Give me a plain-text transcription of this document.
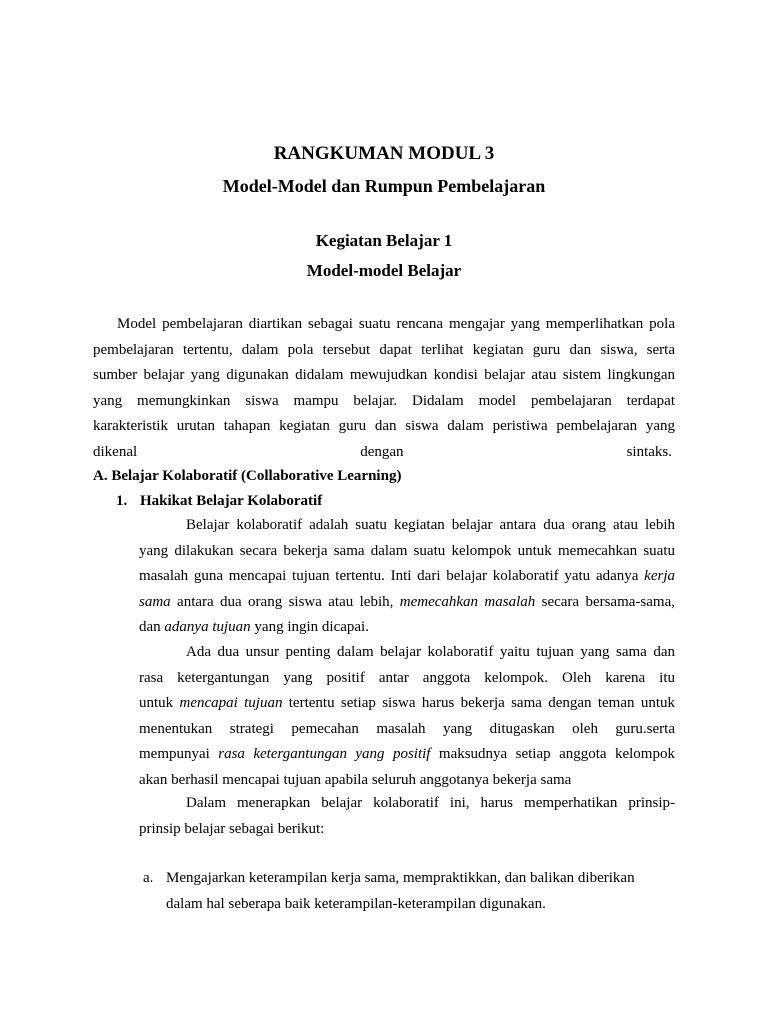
RANGKUMAN MODUL 3
Model-Model dan Rumpun Pembelajaran
Kegiatan Belajar 1
Model-model Belajar
Model pembelajaran diartikan sebagai suatu rencana mengajar yang memperlihatkan pola
pembelajaran tertentu, dalam pola tersebut dapat terlihat kegiatan guru dan siswa, serta
sumber belajar yang digunakan didalam mewujudkan kondisi belajar atau sistem lingkungan
yang memungkinkan siswa mampu belajar. Didalam model pembelajaran terdapat
karakteristik urutan tahapan kegiatan guru dan siswa dalam peristiwa pembelajaran yang
dikenal	dengan	sintaks.
A. Belajar Kolaboratif (Collaborative Learning)
1. Hakikat Belajar Kolaboratif
Belajar kolaboratif adalah suatu kegiatan belajar antara dua orang atau lebih
yang dilakukan secara bekerja sama dalam suatu kelompok untuk memecahkan suatu
masalah guna mencapai tujuan tertentu. Inti dari belajar kolaboratif yatu adanya kerja
sama antara dua orang siswa atau lebih, memecahkan masalah secara bersama-sama,
dan adanya tujuan yang ingin dicapai.
Ada dua unsur penting dalam belajar kolaboratif yaitu tujuan yang sama dan
rasa ketergantungan yang positif antar anggota kelompok. Oleh karena itu
untuk mencapai tujuan tertentu setiap siswa harus bekerja sama dengan teman untuk
menentukan strategi pemecahan masalah yang ditugaskan oleh guru.serta
mempunyai rasa ketergantungan yang positif maksudnya setiap anggota kelompok
akan berhasil mencapai tujuan apabila seluruh anggotanya bekerja sama
Dalam menerapkan belajar kolaboratif ini, harus memperhatikan prinsip-
prinsip belajar sebagai berikut:
a. Mengajarkan keterampilan kerja sama, mempraktikkan, dan balikan diberikan
dalam hal seberapa baik keterampilan-keterampilan digunakan.
